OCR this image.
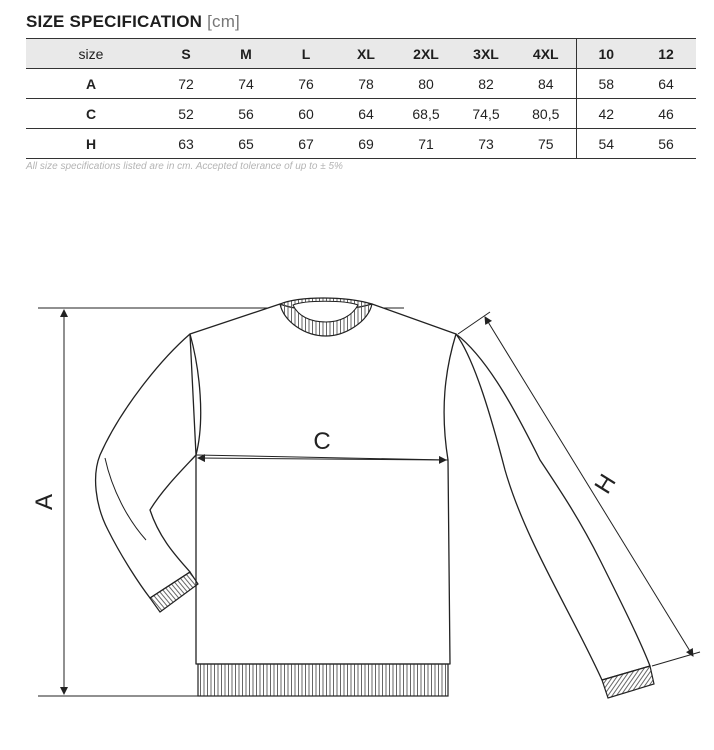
SIZE SPECIFICATION [cm]
size	S	M	L	XL	2XL	3XL	4XL	10	12
A	72	74	76	78	80	82	84	58	64
C	52	56	60	64	68,5	74,5	80,5	42	46
H	63	65	67	69	71	73	75	54	56
All size specifications listed are in cm. Accepted tolerance of up to ± 5%
A
C
H
